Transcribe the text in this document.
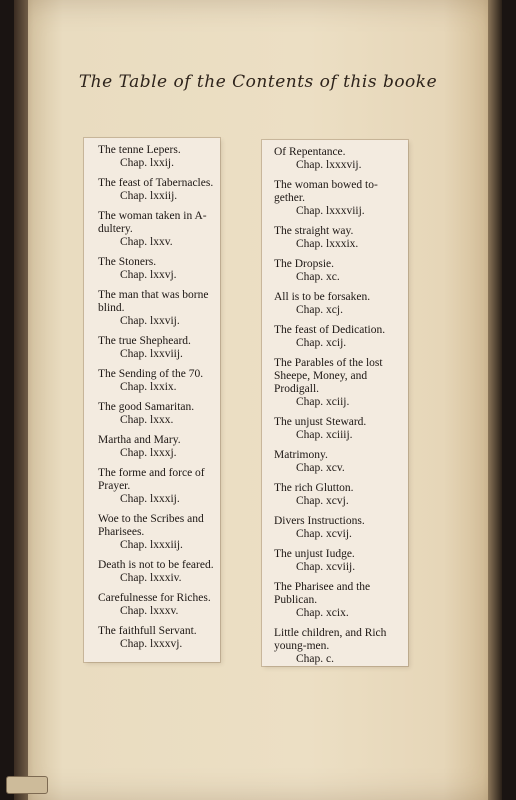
The Table of the Contents of this booke
The tenne Lepers.
Chap. lxxij.
The feast of Tabernacles.
Chap. lxxiij.
The woman taken in A-dultery.
Chap. lxxv.
The Stoners.
Chap. lxxvj.
The man that was borne blind.
Chap. lxxvij.
The true Shepheard.
Chap. lxxviij.
The Sending of the 70.
Chap. lxxix.
The good Samaritan.
Chap. lxxx.
Martha and Mary.
Chap. lxxxj.
The forme and force of Prayer.
Chap. lxxxij.
Woe to the Scribes and Pharisees.
Chap. lxxxiij.
Death is not to be feared.
Chap. lxxxiv.
Carefulnesse for Riches.
Chap. lxxxv.
The faithfull Servant.
Chap. lxxxvj.
Of Repentance.
Chap. lxxxvij.
The woman bowed to-gether.
Chap. lxxxviij.
The straight way.
Chap. lxxxix.
The Dropsie.
Chap. xc.
All is to be forsaken.
Chap. xcj.
The feast of Dedication.
Chap. xcij.
The Parables of the lost Sheepe, Money, and Prodigall.
Chap. xciij.
The unjust Steward.
Chap. xciiij.
Matrimony.
Chap. xcv.
The rich Glutton.
Chap. xcvj.
Divers Instructions.
Chap. xcvij.
The unjust Iudge.
Chap. xcviij.
The Pharisee and the Publican.
Chap. xcix.
Little children, and Rich young-men.
Chap. c.
